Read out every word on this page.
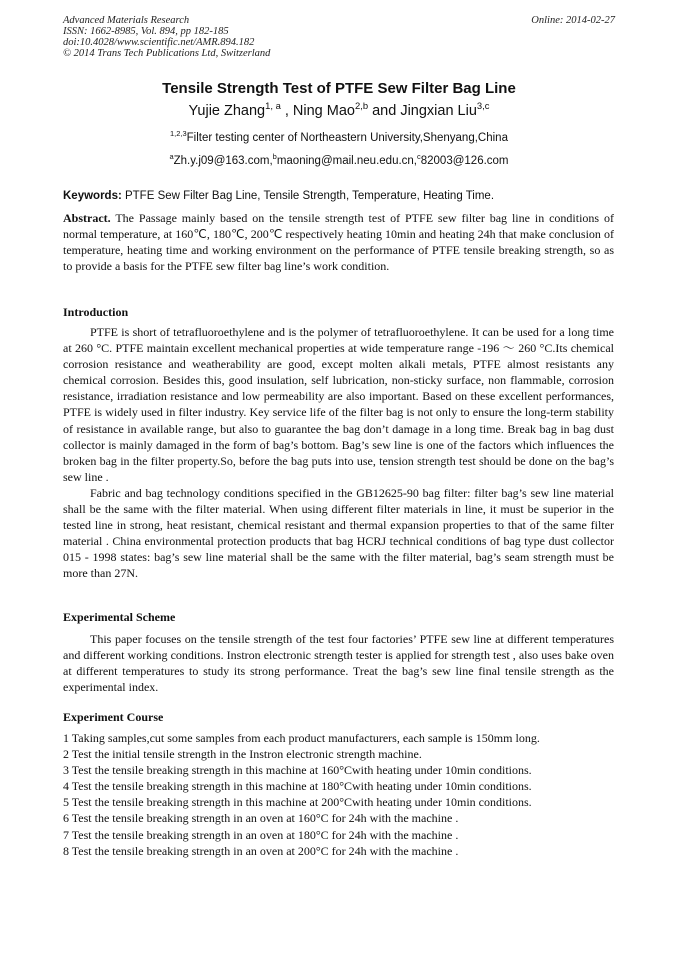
Advanced Materials Research
ISSN: 1662-8985, Vol. 894, pp 182-185
doi:10.4028/www.scientific.net/AMR.894.182
© 2014 Trans Tech Publications Ltd, Switzerland
Online: 2014-02-27
Tensile Strength Test of PTFE Sew Filter Bag Line
Yujie Zhang$^{1, a}$ , Ning Mao$^{2,b}$ and Jingxian Liu$^{3,c}$
$^{1,2,3}$Filter testing center of Northeastern University,Shenyang,China
$^a$Zh.y.j09@163.com,$^b$maoning@mail.neu.edu.cn,$^c$82003@126.com
Keywords: PTFE Sew Filter Bag Line, Tensile Strength, Temperature, Heating Time.

Abstract. The Passage mainly based on the tensile strength test of PTFE sew filter bag line in conditions of normal temperature, at 160℃, 180℃, 200℃ respectively heating 10min and heating 24h that make conclusion of temperature, heating time and working environment on the performance of PTFE tensile breaking strength, so as to provide a basis for the PTFE sew filter bag line’s work condition.

Introduction

PTFE is short of tetrafluoroethylene and is the polymer of tetrafluoroethylene. It can be used for a long time at 260 °C. PTFE maintain excellent mechanical properties at wide temperature range -196 ～ 260 °C.Its chemical corrosion resistance and weatherability are good, except molten alkali metals, PTFE almost resistants any chemical corrosion. Besides this, good insulation, self lubrication, non-sticky surface, non flammable, corrosion resistance, irradiation resistance and low permeability are also important. Based on these excellent performances, PTFE is widely used in filter industry. Key service life of the filter bag is not only to ensure the long-term stability of resistance in available range, but also to guarantee the bag don’t damage in a long time. Break bag in bag dust collector is mainly damaged in the form of bag’s bottom. Bag’s sew line is one of the factors which influences the broken bag in the filter property.So, before the bag puts into use, tension strength test should be done on the bag’s sew line .

Fabric and bag technology conditions specified in the GB12625-90 bag filter: filter bag’s sew line material shall be the same with the filter material. When using different filter materials in line, it must be superior in the tested line in strong, heat resistant, chemical resistant and thermal expansion properties to that of the same filter material . China environmental protection products that bag HCRJ technical conditions of bag type dust collector 015 - 1998 states: bag’s sew line material shall be the same with the filter material, bag’s seam strength must be more than 27N.

Experimental Scheme

This paper focuses on the tensile strength of the test four factories’ PTFE sew line at different temperatures and different working conditions. Instron electronic strength tester is applied for strength test , also uses bake oven at different temperatures to study its strong performance. Treat the bag’s sew line final tensile strength as the experimental index.

Experiment Course
1 Taking samples,cut some samples from each product manufacturers, each sample is 150mm long.
2 Test the initial tensile strength in the Instron electronic strength machine.
3 Test the tensile breaking strength in this machine at 160°Cwith heating under 10min conditions.
4 Test the tensile breaking strength in this machine at 180°Cwith heating under 10min conditions.
5 Test the tensile breaking strength in this machine at 200°Cwith heating under 10min conditions.
6 Test the tensile breaking strength in an oven at 160°C for 24h with the machine .
7 Test the tensile breaking strength in an oven at 180°C for 24h with the machine .
8 Test the tensile breaking strength in an oven at 200°C for 24h with the machine .
